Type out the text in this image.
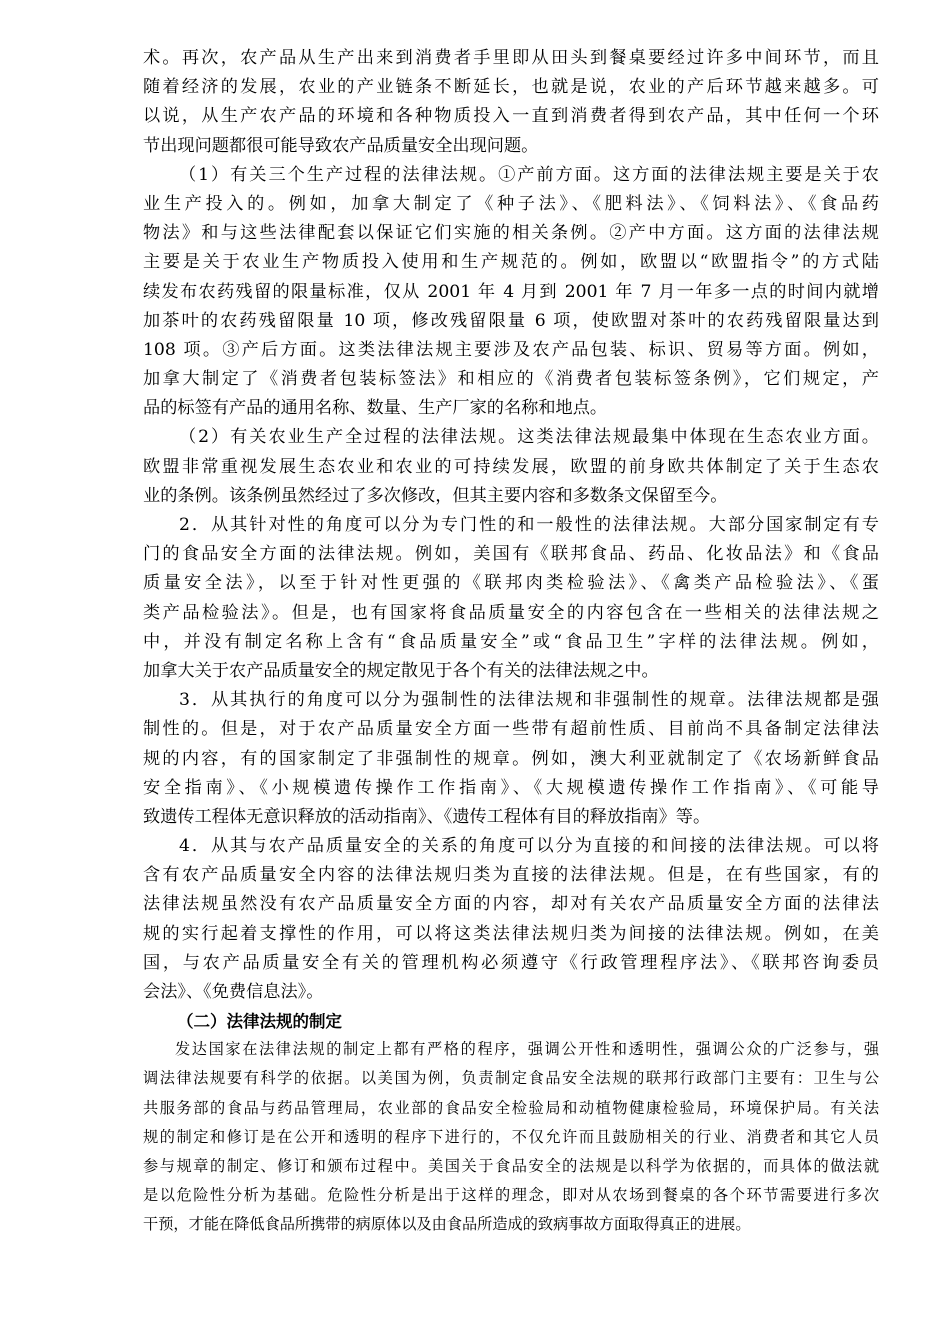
术。再次，农产品从生产出来到消费者手里即从田头到餐桌要经过许多中间环节，而且
随着经济的发展，农业的产业链条不断延长，也就是说，农业的产后环节越来越多。可
以说，从生产农产品的环境和各种物质投入一直到消费者得到农产品，其中任何一个环
节出现问题都很可能导致农产品质量安全出现问题。
（1）有关三个生产过程的法律法规。①产前方面。这方面的法律法规主要是关于农
业生产投入的。例如，加拿大制定了《种子法》、《肥料法》、《饲料法》、《食品药
物法》和与这些法律配套以保证它们实施的相关条例。②产中方面。这方面的法律法规
主要是关于农业生产物质投入使用和生产规范的。例如，欧盟以“欧盟指令”的方式陆
续发布农药残留的限量标准，仅从 2001 年 4 月到 2001 年 7 月一年多一点的时间内就增
加茶叶的农药残留限量 10 项，修改残留限量 6 项，使欧盟对茶叶的农药残留限量达到
108 项。③产后方面。这类法律法规主要涉及农产品包装、标识、贸易等方面。例如，
加拿大制定了《消费者包装标签法》和相应的《消费者包装标签条例》，它们规定，产
品的标签有产品的通用名称、数量、生产厂家的名称和地点。
（2）有关农业生产全过程的法律法规。这类法律法规最集中体现在生态农业方面。
欧盟非常重视发展生态农业和农业的可持续发展，欧盟的前身欧共体制定了关于生态农
业的条例。该条例虽然经过了多次修改，但其主要内容和多数条文保留至今。
2．从其针对性的角度可以分为专门性的和一般性的法律法规。大部分国家制定有专
门的食品安全方面的法律法规。例如，美国有《联邦食品、药品、化妆品法》和《食品
质量安全法》，以至于针对性更强的《联邦肉类检验法》、《禽类产品检验法》、《蛋
类产品检验法》。但是，也有国家将食品质量安全的内容包含在一些相关的法律法规之
中，并没有制定名称上含有“食品质量安全”或“食品卫生”字样的法律法规。例如，
加拿大关于农产品质量安全的规定散见于各个有关的法律法规之中。
3．从其执行的角度可以分为强制性的法律法规和非强制性的规章。法律法规都是强
制性的。但是，对于农产品质量安全方面一些带有超前性质、目前尚不具备制定法律法
规的内容，有的国家制定了非强制性的规章。例如，澳大利亚就制定了《农场新鲜食品
安全指南》、《小规模遗传操作工作指南》、《大规模遗传操作工作指南》、《可能导
致遗传工程体无意识释放的活动指南》、《遗传工程体有目的释放指南》等。
4．从其与农产品质量安全的关系的角度可以分为直接的和间接的法律法规。可以将
含有农产品质量安全内容的法律法规归类为直接的法律法规。但是，在有些国家，有的
法律法规虽然没有农产品质量安全方面的内容，却对有关农产品质量安全方面的法律法
规的实行起着支撑性的作用，可以将这类法律法规归类为间接的法律法规。例如，在美
国，与农产品质量安全有关的管理机构必须遵守《行政管理程序法》、《联邦咨询委员
会法》、《免费信息法》。
（二）法律法规的制定
发达国家在法律法规的制定上都有严格的程序，强调公开性和透明性，强调公众的广泛参与，强
调法律法规要有科学的依据。以美国为例，负责制定食品安全法规的联邦行政部门主要有：卫生与公
共服务部的食品与药品管理局，农业部的食品安全检验局和动植物健康检验局，环境保护局。有关法
规的制定和修订是在公开和透明的程序下进行的，不仅允许而且鼓励相关的行业、消费者和其它人员
参与规章的制定、修订和颁布过程中。美国关于食品安全的法规是以科学为依据的，而具体的做法就
是以危险性分析为基础。危险性分析是出于这样的理念，即对从农场到餐桌的各个环节需要进行多次
干预，才能在降低食品所携带的病原体以及由食品所造成的致病事故方面取得真正的进展。
